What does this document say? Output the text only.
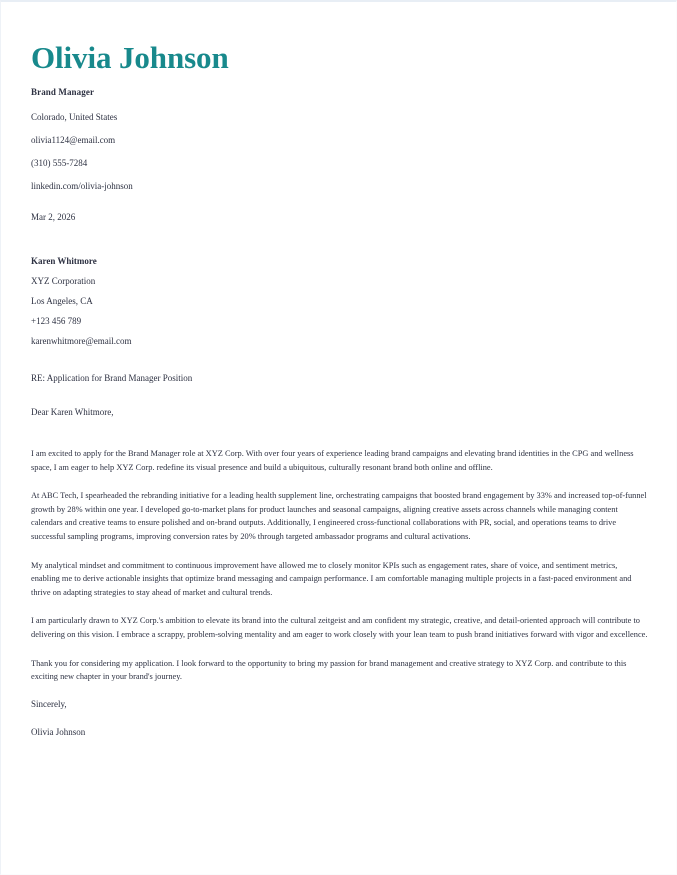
Olivia Johnson
Brand Manager
Colorado, United States
olivia1124@email.com
(310) 555-7284
linkedin.com/olivia-johnson
Mar 2, 2026
Karen Whitmore
XYZ Corporation
Los Angeles, CA
+123 456 789
karenwhitmore@email.com
RE: Application for Brand Manager Position
Dear Karen Whitmore,

I am excited to apply for the Brand Manager role at XYZ Corp. With over four years of experience leading brand campaigns and elevating brand identities in the CPG and wellness space, I am eager to help XYZ Corp. redefine its visual presence and build a ubiquitous, culturally resonant brand both online and offline.

At ABC Tech, I spearheaded the rebranding initiative for a leading health supplement line, orchestrating campaigns that boosted brand engagement by 33% and increased top-of-funnel growth by 28% within one year. I developed go-to-market plans for product launches and seasonal campaigns, aligning creative assets across channels while managing content calendars and creative teams to ensure polished and on-brand outputs. Additionally, I engineered cross-functional collaborations with PR, social, and operations teams to drive successful sampling programs, improving conversion rates by 20% through targeted ambassador programs and cultural activations.

My analytical mindset and commitment to continuous improvement have allowed me to closely monitor KPIs such as engagement rates, share of voice, and sentiment metrics, enabling me to derive actionable insights that optimize brand messaging and campaign performance. I am comfortable managing multiple projects in a fast-paced environment and thrive on adapting strategies to stay ahead of market and cultural trends.

I am particularly drawn to XYZ Corp.'s ambition to elevate its brand into the cultural zeitgeist and am confident my strategic, creative, and detail-oriented approach will contribute to delivering on this vision. I embrace a scrappy, problem-solving mentality and am eager to work closely with your lean team to push brand initiatives forward with vigor and excellence.

Thank you for considering my application. I look forward to the opportunity to bring my passion for brand management and creative strategy to XYZ Corp. and contribute to this exciting new chapter in your brand's journey.

Sincerely,
Olivia Johnson
